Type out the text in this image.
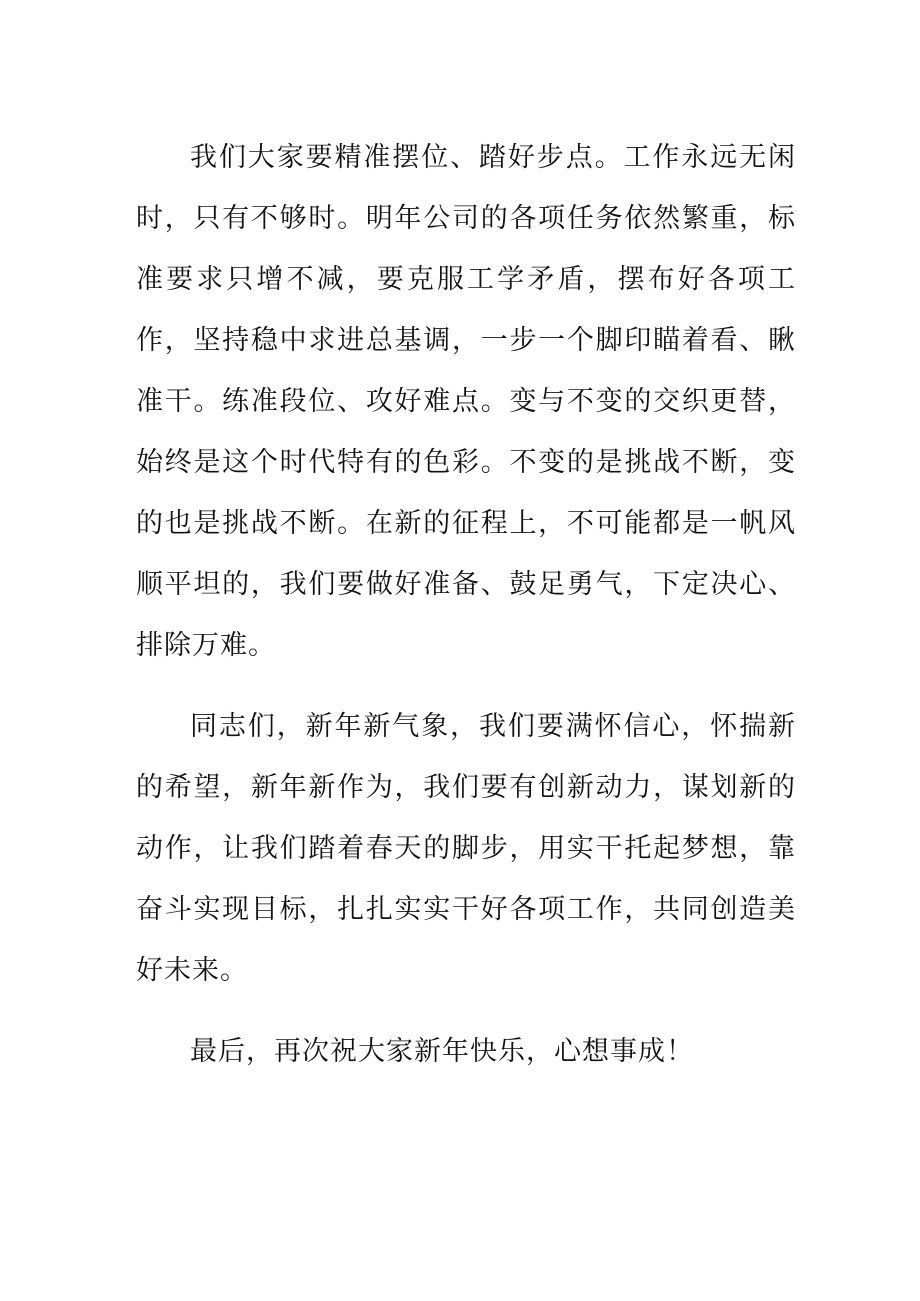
我们大家要精准摆位、踏好步点。工作永远无闲时，只有不够时。明年公司的各项任务依然繁重，标准要求只增不减，要克服工学矛盾，摆布好各项工作，坚持稳中求进总基调，一步一个脚印瞄着看、瞅准干。练准段位、攻好难点。变与不变的交织更替，始终是这个时代特有的色彩。不变的是挑战不断，变的也是挑战不断。在新的征程上，不可能都是一帆风顺平坦的，我们要做好准备、鼓足勇气，下定决心、排除万难。

同志们，新年新气象，我们要满怀信心，怀揣新的希望，新年新作为，我们要有创新动力，谋划新的动作，让我们踏着春天的脚步，用实干托起梦想，靠奋斗实现目标，扎扎实实干好各项工作，共同创造美好未来。

最后，再次祝大家新年快乐，心想事成！
